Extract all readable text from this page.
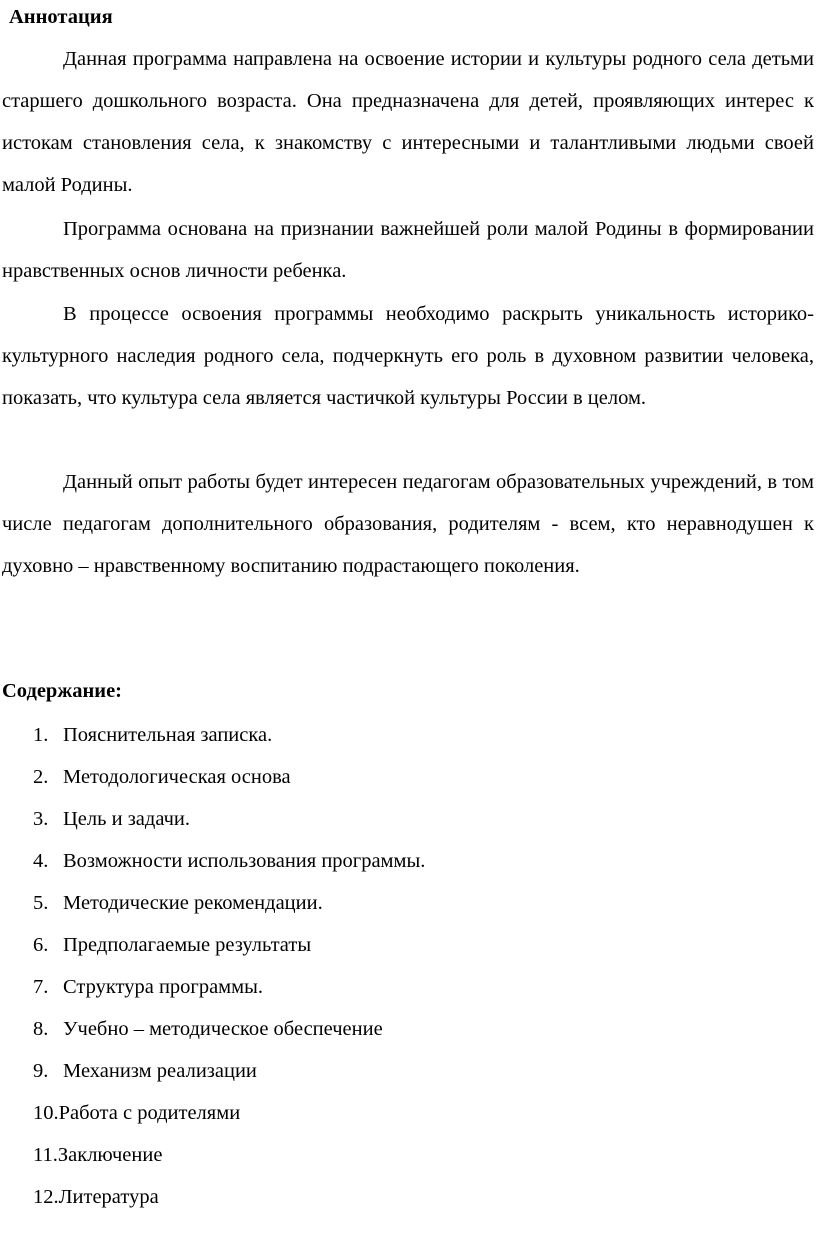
Аннотация

Данная программа направлена на освоение истории и культуры родного села детьми старшего дошкольного возраста. Она предназначена для детей, проявляющих интерес к истокам становления села, к знакомству с интересными и талантливыми людьми своей малой Родины.

Программа основана на признании важнейшей роли малой Родины в формировании нравственных основ личности ребенка.

В процессе освоения программы необходимо раскрыть уникальность историко-культурного наследия родного села, подчеркнуть его роль в духовном развитии человека, показать, что культура села является частичкой культуры России в целом.

Данный опыт работы будет интересен педагогам образовательных учреждений, в том числе педагогам дополнительного образования, родителям - всем, кто неравнодушен к духовно – нравственному воспитанию подрастающего поколения.

Содержание:
1. Пояснительная записка.
2. Методологическая основа
3. Цель и задачи.
4. Возможности использования программы.
5. Методические рекомендации.
6. Предполагаемые результаты
7. Структура программы.
8. Учебно – методическое обеспечение
9. Механизм реализации
10. Работа с родителями
11. Заключение
12. Литература
